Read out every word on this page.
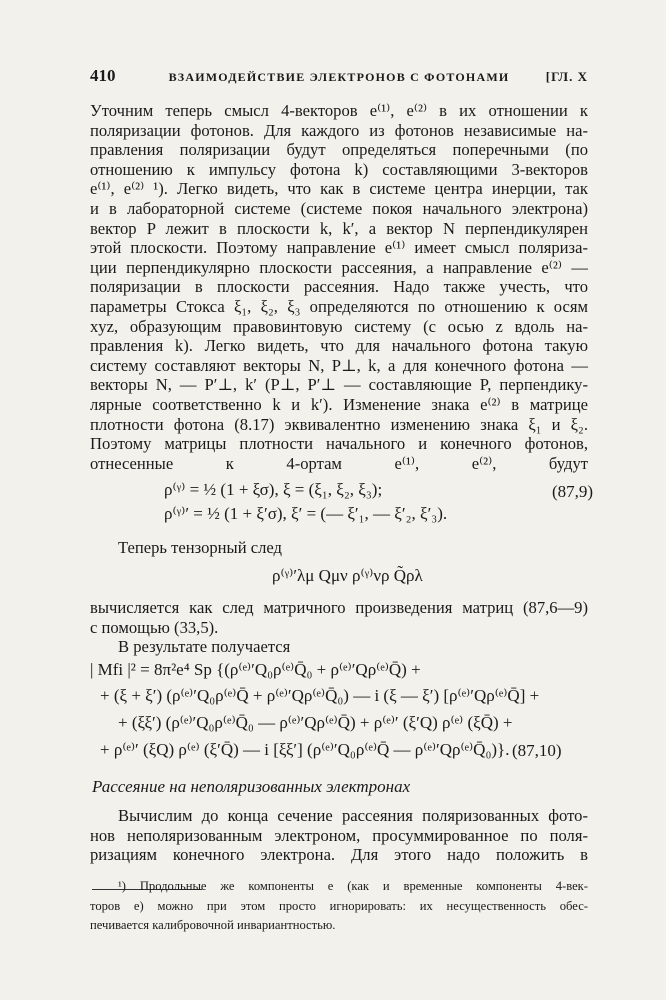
410	ВЗАИМОДЕЙСТВИЕ ЭЛЕКТРОНОВ С ФОТОНАМИ	[ГЛ. X
Уточним теперь смысл 4-векторов e⁽¹⁾, e⁽²⁾ в их отношении к
поляризации фотонов. Для каждого из фотонов независимые на-
правления поляризации будут определяться поперечными (по
отношению к импульсу фотона k) составляющими 3-векторов
e⁽¹⁾, e⁽²⁾ ¹). Легко видеть, что как в системе центра инерции, так
и в лабораторной системе (системе покоя начального электрона)
вектор P лежит в плоскости k, k′, а вектор N перпендикулярен
этой плоскости. Поэтому направление e⁽¹⁾ имеет смысл поляриза-
ции перпендикулярно плоскости рассеяния, а направление e⁽²⁾ —
поляризации в плоскости рассеяния. Надо также учесть, что
параметры Стокса ξ₁, ξ₂, ξ₃ определяются по отношению к осям
xyz, образующим правовинтовую систему (с осью z вдоль на-
правления k). Легко видеть, что для начального фотона такую
систему составляют векторы N, P⊥, k, а для конечного фотона —
векторы N, — P′⊥, k′ (P⊥, P′⊥ — составляющие P, перпендику-
лярные соответственно k и k′). Изменение знака e⁽²⁾ в матрице
плотности фотона (8.17) эквивалентно изменению знака ξ₁ и ξ₂.
Поэтому матрицы плотности начального и конечного фотонов,
отнесенные к 4-ортам e⁽¹⁾, e⁽²⁾, будут
ρ⁽ᵞ⁾ = ½ (1 + ξσ), ξ = (ξ₁, ξ₂, ξ₃);
ρ⁽ᵞ⁾′ = ½ (1 + ξ′σ), ξ′ = (— ξ′₁, — ξ′₂, ξ′₃).
(87,9)
Теперь тензорный след
ρ⁽ᵞ⁾′λμ Qμν ρ⁽ᵞ⁾νρ Q̃ρλ
вычисляется как след матричного произведения матриц (87,6—9)
с помощью (33,5).
В результате получается
| Mfi |² = 8π²e⁴ Sp {(ρ⁽ᵉ⁾′Q₀ρ⁽ᵉ⁾Q̄₀ + ρ⁽ᵉ⁾′Qρ⁽ᵉ⁾Q̄) +
+ (ξ + ξ′) (ρ⁽ᵉ⁾′Q₀ρ⁽ᵉ⁾Q̄ + ρ⁽ᵉ⁾′Qρ⁽ᵉ⁾Q̄₀) — i (ξ — ξ′) [ρ⁽ᵉ⁾′Qρ⁽ᵉ⁾Q̄] +
+ (ξξ′) (ρ⁽ᵉ⁾′Q₀ρ⁽ᵉ⁾Q̄₀ — ρ⁽ᵉ⁾′Qρ⁽ᵉ⁾Q̄) + ρ⁽ᵉ⁾′ (ξ′Q) ρ⁽ᵉ⁾ (ξQ̄) +
+ ρ⁽ᵉ⁾′ (ξQ) ρ⁽ᵉ⁾ (ξ′Q̄) — i [ξξ′] (ρ⁽ᵉ⁾′Q₀ρ⁽ᵉ⁾Q̄ — ρ⁽ᵉ⁾′Qρ⁽ᵉ⁾Q̄₀)}. (87,10)
Рассеяние на неполяризованных электронах
Вычислим до конца сечение рассеяния поляризованных фото-
нов неполяризованным электроном, просуммированное по поля-
ризациям конечного электрона. Для этого надо положить в
¹) Продольные же компоненты e (как и временные компоненты 4-век-
торов e) можно при этом просто игнорировать: их несущественность обес-
печивается калибровочной инвариантностью.
